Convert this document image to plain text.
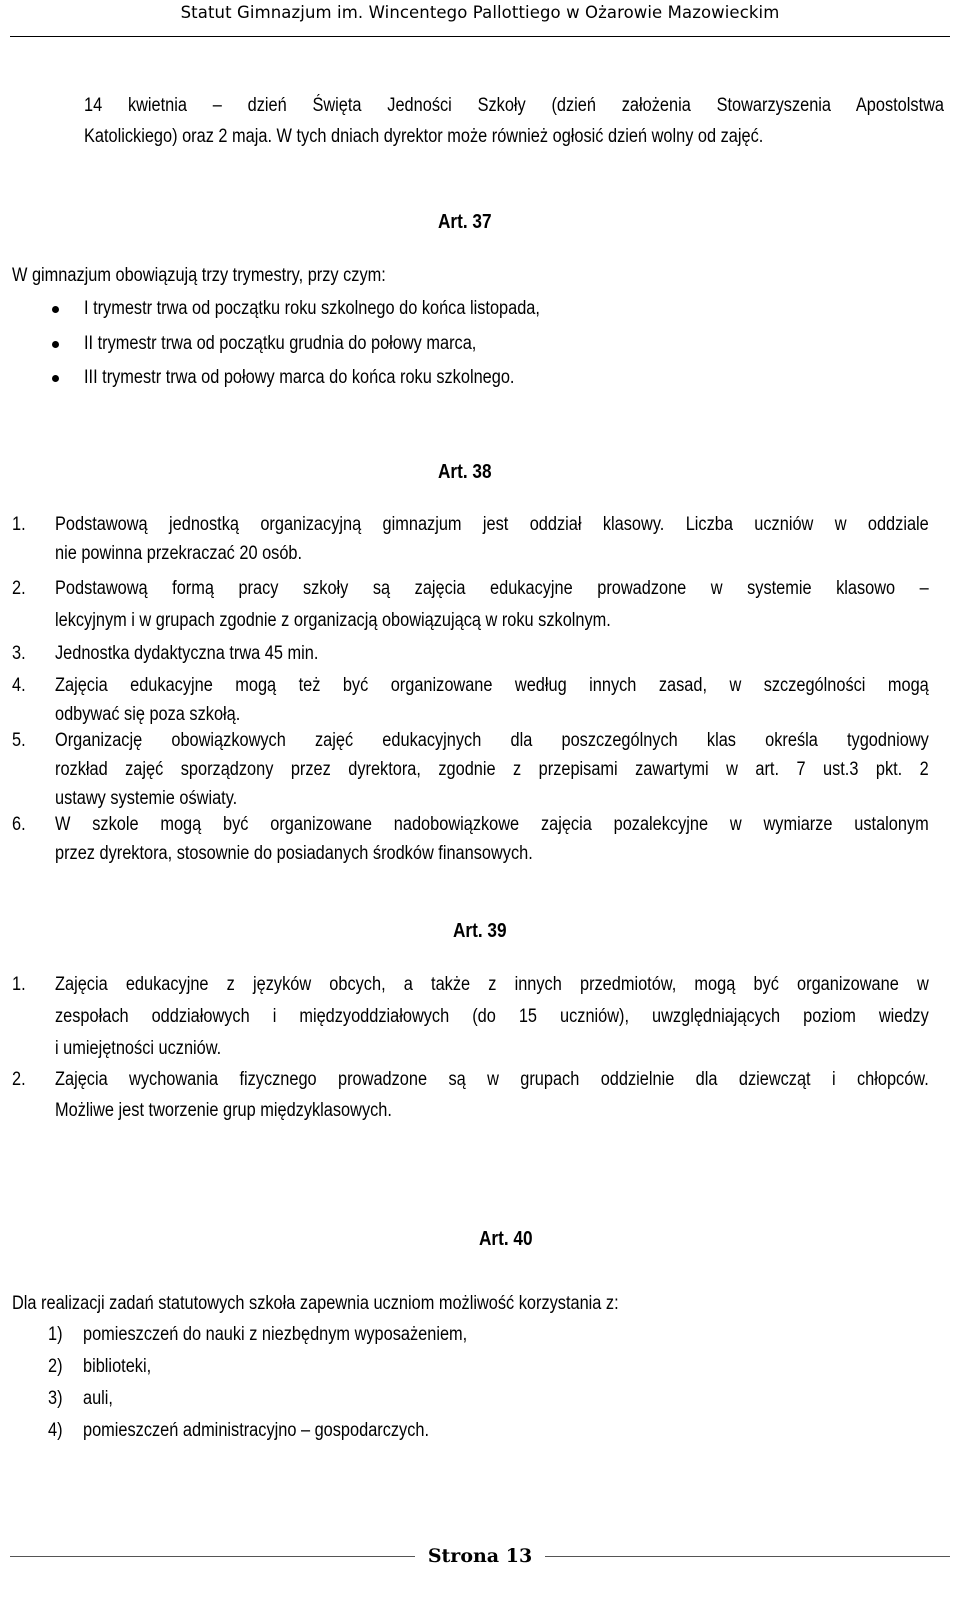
Statut Gimnazjum im. Wincentego Pallottiego w Ożarowie Mazowieckim
14 kwietnia – dzień Święta Jedności Szkoły (dzień założenia Stowarzyszenia Apostolstwa
Katolickiego) oraz 2 maja. W tych dniach dyrektor może również ogłosić dzień wolny od zajęć.
Art. 37
W gimnazjum obowiązują trzy trymestry, przy czym:
I trymestr trwa od początku roku szkolnego do końca listopada,
II trymestr trwa od początku grudnia do połowy marca,
III trymestr trwa od połowy marca do końca roku szkolnego.
Art. 38
1. Podstawową jednostką organizacyjną gimnazjum jest oddział klasowy. Liczba uczniów w oddziale
nie powinna przekraczać 20 osób.
2. Podstawową formą pracy szkoły są zajęcia edukacyjne prowadzone w systemie klasowo –
lekcyjnym i w grupach zgodnie z organizacją obowiązującą w roku szkolnym.
3. Jednostka dydaktyczna trwa 45 min.
4. Zajęcia edukacyjne mogą też być organizowane według innych zasad, w szczególności mogą
odbywać się poza szkołą.
5. Organizację obowiązkowych zajęć edukacyjnych dla poszczególnych klas określa tygodniowy
rozkład zajęć sporządzony przez dyrektora, zgodnie z przepisami zawartymi w art. 7 ust.3 pkt. 2
ustawy systemie oświaty.
6. W szkole mogą być organizowane nadobowiązkowe zajęcia pozalekcyjne w wymiarze ustalonym
przez dyrektora, stosownie do posiadanych środków finansowych.
Art. 39
1. Zajęcia edukacyjne z języków obcych, a także z innych przedmiotów, mogą być organizowane w
zespołach oddziałowych i międzyoddziałowych (do 15 uczniów), uwzględniających poziom wiedzy
i umiejętności uczniów.
2. Zajęcia wychowania fizycznego prowadzone są w grupach oddzielnie dla dziewcząt i chłopców.
Możliwe jest tworzenie grup międzyklasowych.
Art. 40
Dla realizacji zadań statutowych szkoła zapewnia uczniom możliwość korzystania z:
1) pomieszczeń do nauki z niezbędnym wyposażeniem,
2) biblioteki,
3) auli,
4) pomieszczeń administracyjno – gospodarczych.
Strona 13
